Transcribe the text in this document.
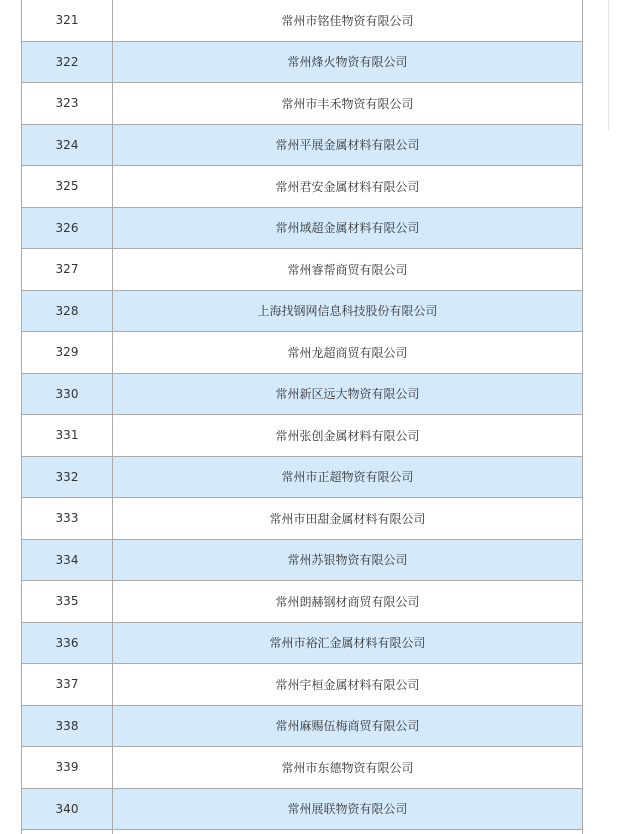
321	常州市铭佳物资有限公司
322	常州烽火物资有限公司
323	常州市丰禾物资有限公司
324	常州平展金属材料有限公司
325	常州君安金属材料有限公司
326	常州域超金属材料有限公司
327	常州睿帮商贸有限公司
328	上海找钢网信息科技股份有限公司
329	常州龙超商贸有限公司
330	常州新区远大物资有限公司
331	常州张创金属材料有限公司
332	常州市正超物资有限公司
333	常州市田甜金属材料有限公司
334	常州苏银物资有限公司
335	常州朗赫钢材商贸有限公司
336	常州市裕汇金属材料有限公司
337	常州宇桓金属材料有限公司
338	常州麻赐伍梅商贸有限公司
339	常州市东德物资有限公司
340	常州展联物资有限公司
